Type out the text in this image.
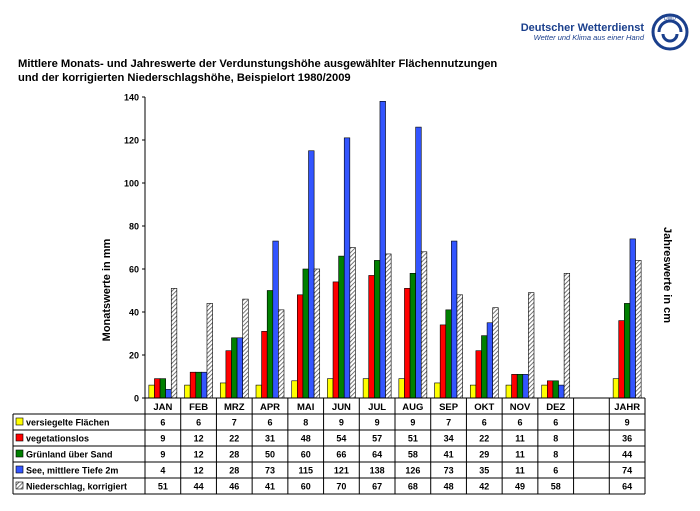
Deutscher Wetterdienst
Wetter und Klima aus einer Hand
DWD
Mittlere Monats- und Jahreswerte der Verdunstungshöhe ausgewählter Flächennutzungen
und der korrigierten Niederschlagshöhe, Beispielort 1980/2009
Monatswerte in mm	Jahreswerte in cm
0
20
40
60
80
100
120
140
JAN FEB MRZ APR MAI JUN JUL AUG SEP OKT NOV DEZ	JAHR
versiegelte Flächen	6	6	7	6	8	9	9	9	7	6	6	6	9
vegetationslos	9	12	22	31	48	54	57	51	34	22	11	8	36
Grünland über Sand	9	12	28	50	60	66	64	58	41	29	11	8	44
See, mittlere Tiefe 2m	4	12	28	73	115 121 138 126	73	35	11	6	74
Niederschlag, korrigiert	51	44	46	41	60	70	67	68	48	42	49	58	64
